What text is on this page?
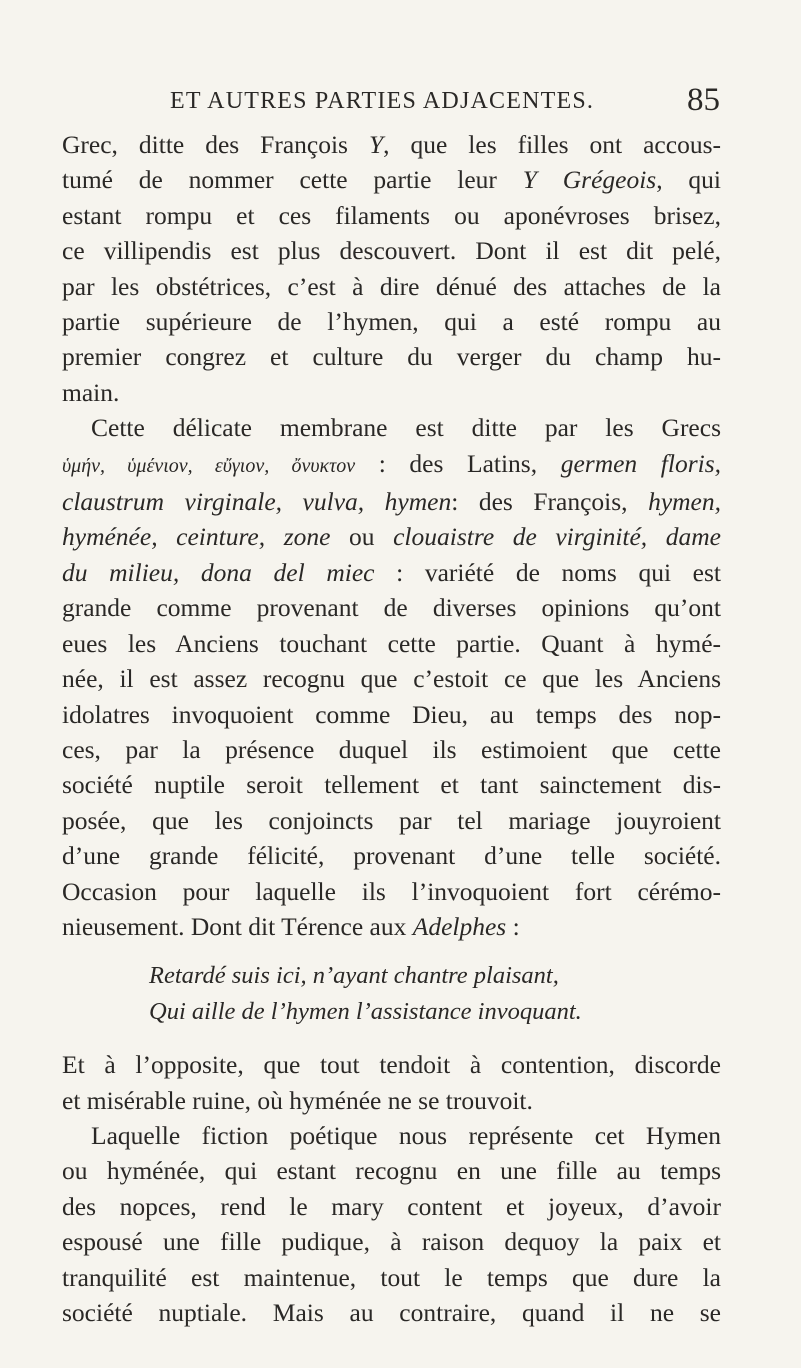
ET AUTRES PARTIES ADJACENTES.	85

Grec, ditte des François Y, que les filles ont accous-
tumé de nommer cette partie leur Y Grégeois, qui
estant rompu et ces filaments ou aponévroses brisez,
ce villipendis est plus descouvert. Dont il est dit pelé,
par les obstétrices, c’est à dire dénué des attaches de la
partie supérieure de l’hymen, qui a esté rompu au
premier congrez et culture du verger du champ hu-
main.

Cette délicate membrane est ditte par les Grecs
ὑμήν, ὑμένιον, εὔγιον, ὄνυκτον : des Latins, germen floris,
claustrum virginale, vulva, hymen: des François, hymen,
hyménée, ceinture, zone ou clouaistre de virginité, dame
du milieu, dona del miec : variété de noms qui est
grande comme provenant de diverses opinions qu’ont
eues les Anciens touchant cette partie. Quant à hymé-
née, il est assez recognu que c’estoit ce que les Anciens
idolatres invoquoient comme Dieu, au temps des nop-
ces, par la présence duquel ils estimoient que cette
société nuptile seroit tellement et tant sainctement dis-
posée, que les conjoincts par tel mariage jouyroient
d’une grande félicité, provenant d’une telle société.
Occasion pour laquelle ils l’invoquoient fort cérémo-
nieusement. Dont dit Térence aux Adelphes :

Retardé suis ici, n’ayant chantre plaisant,
Qui aille de l’hymen l’assistance invoquant.

Et à l’opposite, que tout tendoit à contention, discorde
et misérable ruine, où hyménée ne se trouvoit.

Laquelle fiction poétique nous représente cet Hymen
ou hyménée, qui estant recognu en une fille au temps
des nopces, rend le mary content et joyeux, d’avoir
espousé une fille pudique, à raison dequoy la paix et
tranquilité est maintenue, tout le temps que dure la
société nuptiale. Mais au contraire, quand il ne se
